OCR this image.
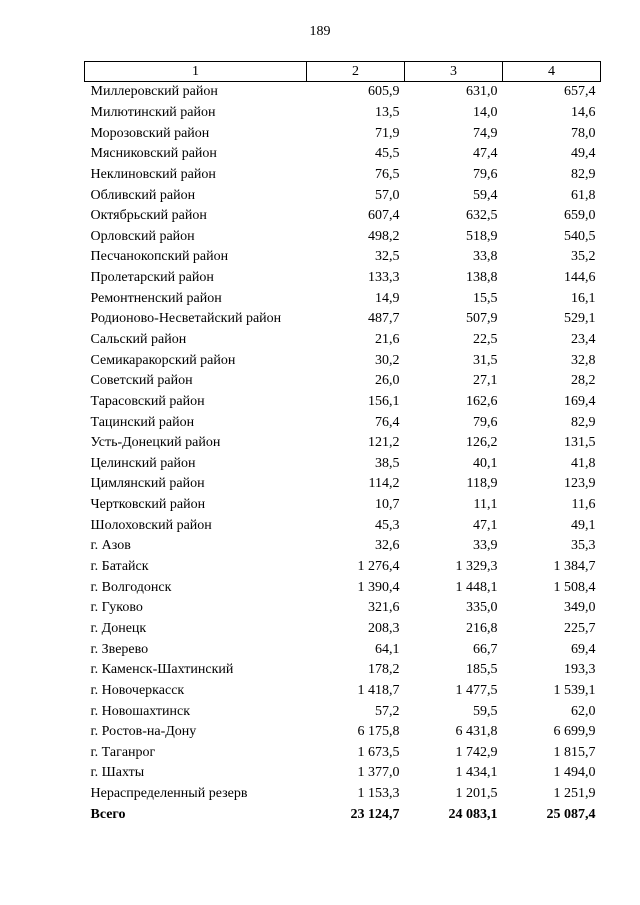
189
1	2	3	4
Миллеровский район	605,9	631,0	657,4
Милютинский район	13,5	14,0	14,6
Морозовский район	71,9	74,9	78,0
Мясниковский район	45,5	47,4	49,4
Неклиновский район	76,5	79,6	82,9
Обливский район	57,0	59,4	61,8
Октябрьский район	607,4	632,5	659,0
Орловский район	498,2	518,9	540,5
Песчанокопский район	32,5	33,8	35,2
Пролетарский район	133,3	138,8	144,6
Ремонтненский район	14,9	15,5	16,1
Родионово-Несветайский район	487,7	507,9	529,1
Сальский район	21,6	22,5	23,4
Семикаракорский район	30,2	31,5	32,8
Советский район	26,0	27,1	28,2
Тарасовский район	156,1	162,6	169,4
Тацинский район	76,4	79,6	82,9
Усть-Донецкий район	121,2	126,2	131,5
Целинский район	38,5	40,1	41,8
Цимлянский район	114,2	118,9	123,9
Чертковский район	10,7	11,1	11,6
Шолоховский район	45,3	47,1	49,1
г. Азов	32,6	33,9	35,3
г. Батайск	1 276,4	1 329,3	1 384,7
г. Волгодонск	1 390,4	1 448,1	1 508,4
г. Гуково	321,6	335,0	349,0
г. Донецк	208,3	216,8	225,7
г. Зверево	64,1	66,7	69,4
г. Каменск-Шахтинский	178,2	185,5	193,3
г. Новочеркасск	1 418,7	1 477,5	1 539,1
г. Новошахтинск	57,2	59,5	62,0
г. Ростов-на-Дону	6 175,8	6 431,8	6 699,9
г. Таганрог	1 673,5	1 742,9	1 815,7
г. Шахты	1 377,0	1 434,1	1 494,0
Нераспределенный резерв	1 153,3	1 201,5	1 251,9
Всего	23 124,7	24 083,1	25 087,4
